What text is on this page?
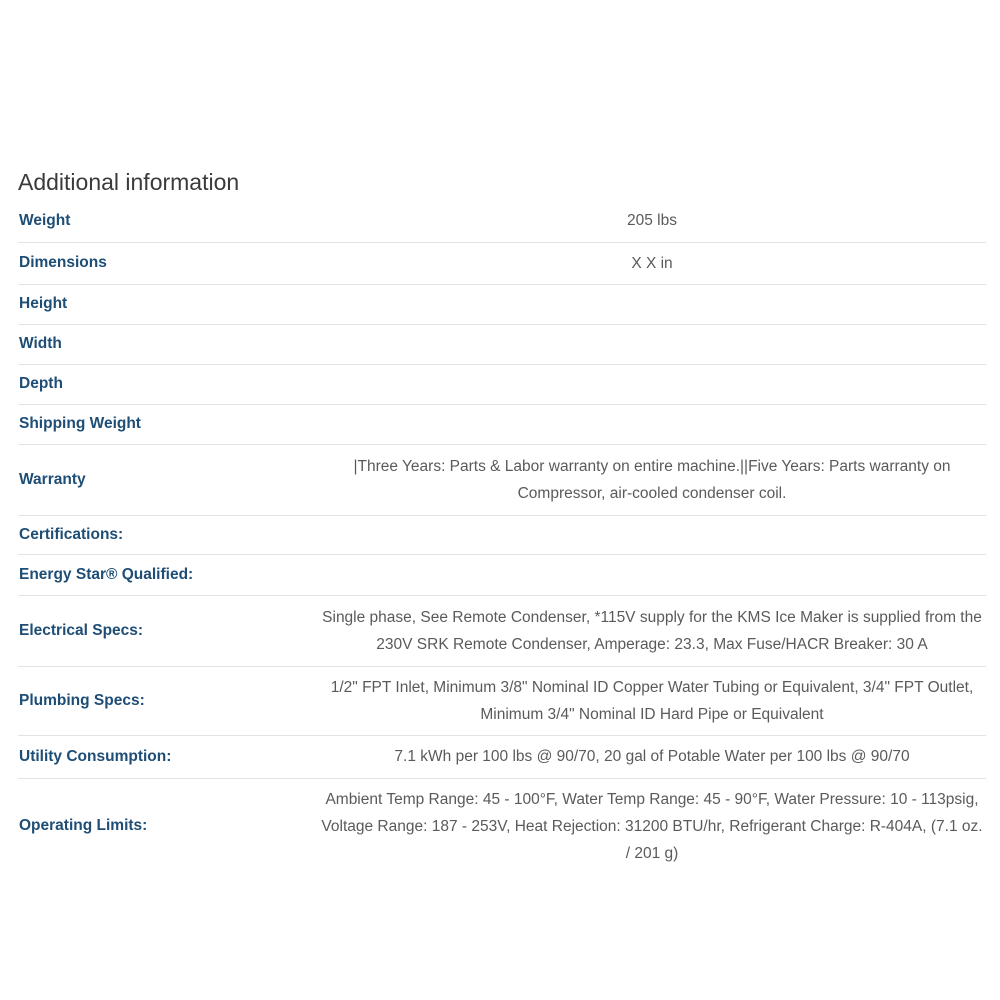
Additional information
Weight	205 lbs
Dimensions	X X in
Height	
Width	
Depth	
Shipping Weight	
Warranty	|Three Years: Parts & Labor warranty on entire machine.||Five Years: Parts warranty on Compressor, air-cooled condenser coil.
Certifications:	
Energy Star® Qualified:	
Electrical Specs:	Single phase, See Remote Condenser, *115V supply for the KMS Ice Maker is supplied from the 230V SRK Remote Condenser, Amperage: 23.3, Max Fuse/HACR Breaker: 30 A
Plumbing Specs:	1/2" FPT Inlet, Minimum 3/8" Nominal ID Copper Water Tubing or Equivalent, 3/4" FPT Outlet, Minimum 3/4" Nominal ID Hard Pipe or Equivalent
Utility Consumption:	7.1 kWh per 100 lbs @ 90/70, 20 gal of Potable Water per 100 lbs @ 90/70
Operating Limits:	Ambient Temp Range: 45 - 100°F, Water Temp Range: 45 - 90°F, Water Pressure: 10 - 113psig, Voltage Range: 187 - 253V, Heat Rejection: 31200 BTU/hr, Refrigerant Charge: R-404A, (7.1 oz. / 201 g)
